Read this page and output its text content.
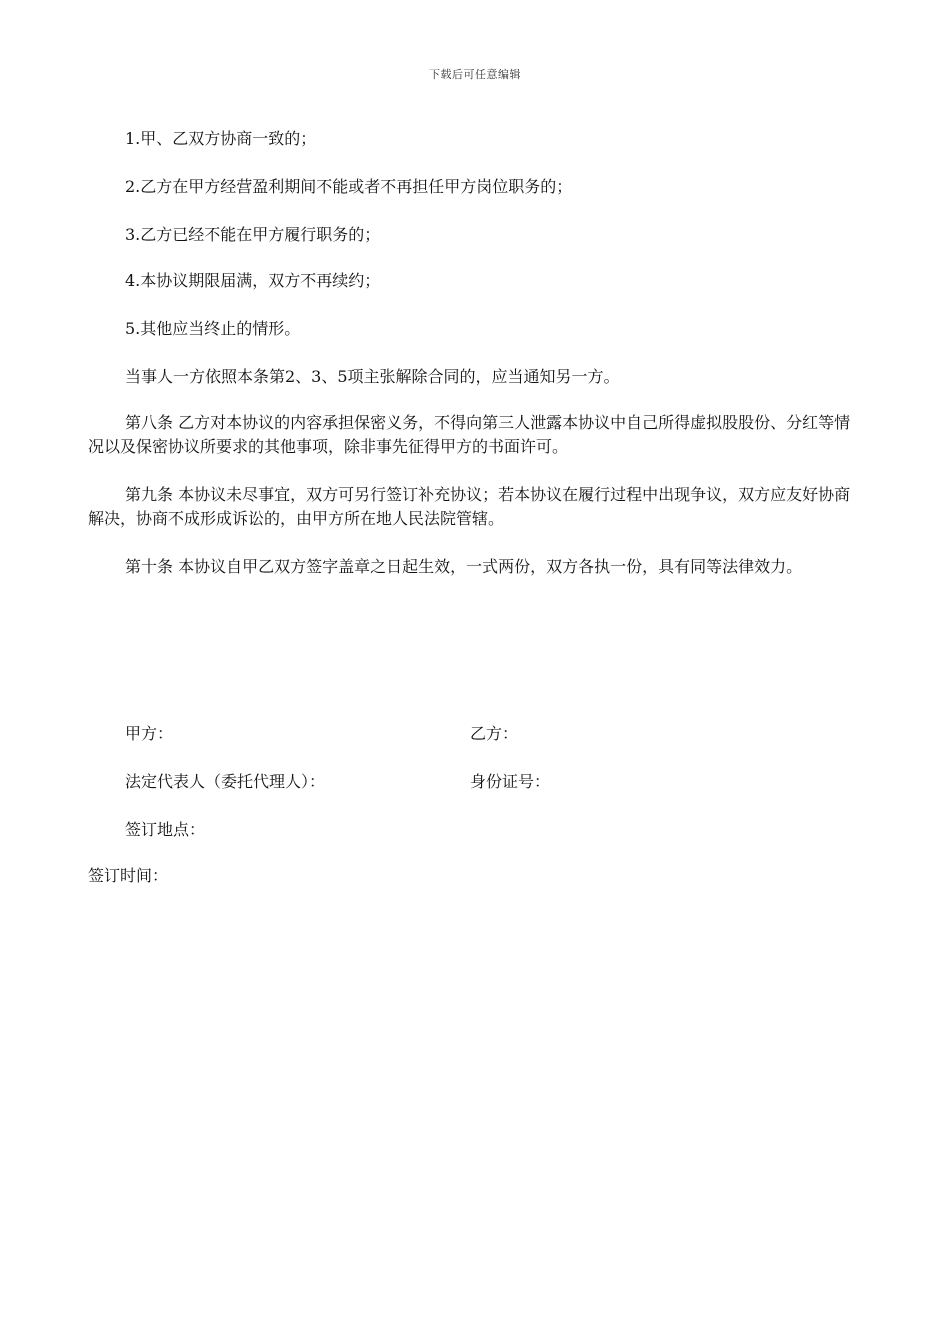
下载后可任意编辑

1.甲、乙双方协商一致的；

2.乙方在甲方经营盈利期间不能或者不再担任甲方岗位职务的；

3.乙方已经不能在甲方履行职务的；

4.本协议期限届满，双方不再续约；

5.其他应当终止的情形。

当事人一方依照本条第2、3、5项主张解除合同的，应当通知另一方。

第八条 乙方对本协议的内容承担保密义务，不得向第三人泄露本协议中自己所得虚拟股股份、分红等情况以及保密协议所要求的其他事项，除非事先征得甲方的书面许可。

第九条 本协议未尽事宜，双方可另行签订补充协议；若本协议在履行过程中出现争议，双方应友好协商解决，协商不成形成诉讼的，由甲方所在地人民法院管辖。

第十条 本协议自甲乙双方签字盖章之日起生效，一式两份，双方各执一份，具有同等法律效力。

甲方：	乙方：
法定代表人（委托代理人）：	身份证号：
签订地点：
签订时间：
